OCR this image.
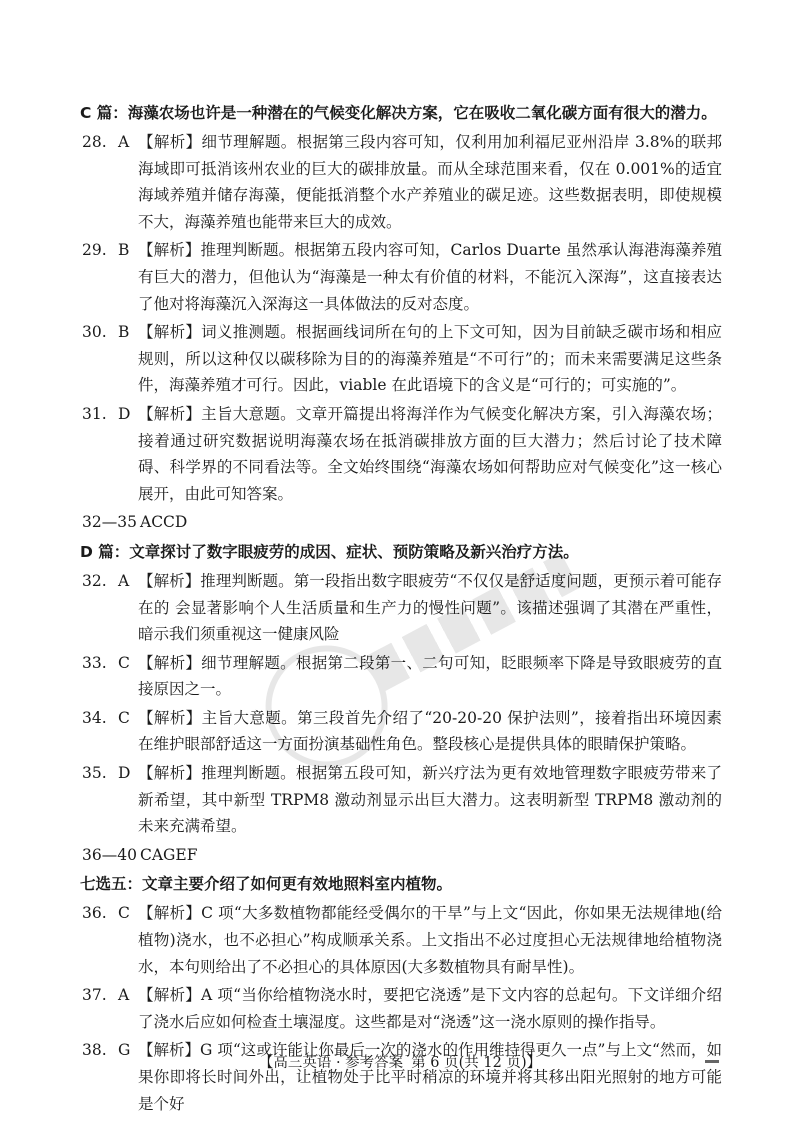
C 篇：海藻农场也许是一种潜在的气候变化解决方案，它在吸收二氧化碳方面有很大的潜力。
28. A 【解析】细节理解题。根据第三段内容可知，仅利用加利福尼亚州沿岸 3.8%的联邦海域即可抵消该州农业的巨大的碳排放量。而从全球范围来看，仅在 0.001%的适宜海域养殖并储存海藻，便能抵消整个水产养殖业的碳足迹。这些数据表明，即使规模不大，海藻养殖也能带来巨大的成效。
29. B 【解析】推理判断题。根据第五段内容可知，Carlos Duarte 虽然承认海港海藻养殖有巨大的潜力，但他认为“海藻是一种太有价值的材料，不能沉入深海”，这直接表达了他对将海藻沉入深海这一具体做法的反对态度。
30. B 【解析】词义推测题。根据画线词所在句的上下文可知，因为目前缺乏碳市场和相应规则，所以这种仅以碳移除为目的的海藻养殖是“不可行”的；而未来需要满足这些条件，海藻养殖才可行。因此，viable 在此语境下的含义是“可行的；可实施的”。
31. D 【解析】主旨大意题。文章开篇提出将海洋作为气候变化解决方案，引入海藻农场；接着通过研究数据说明海藻农场在抵消碳排放方面的巨大潜力；然后讨论了技术障碍、科学界的不同看法等。全文始终围绕“海藻农场如何帮助应对气候变化”这一核心展开，由此可知答案。
32—35 ACCD
D 篇：文章探讨了数字眼疲劳的成因、症状、预防策略及新兴治疗方法。
32. A 【解析】推理判断题。第一段指出数字眼疲劳“不仅仅是舒适度问题，更预示着可能存在的 会显著影响个人生活质量和生产力的慢性问题”。该描述强调了其潜在严重性，暗示我们须重视这一健康风险
33. C 【解析】细节理解题。根据第二段第一、二句可知，眨眼频率下降是导致眼疲劳的直接原因之一。
34. C 【解析】主旨大意题。第三段首先介绍了“20-20-20 保护法则”，接着指出环境因素在维护眼部舒适这一方面扮演基础性角色。整段核心是提供具体的眼睛保护策略。
35. D 【解析】推理判断题。根据第五段可知，新兴疗法为更有效地管理数字眼疲劳带来了新希望，其中新型 TRPM8 激动剂显示出巨大潜力。这表明新型 TRPM8 激动剂的未来充满希望。
36—40 CAGEF
七选五：文章主要介绍了如何更有效地照料室内植物。
36. C 【解析】C 项“大多数植物都能经受偶尔的干旱”与上文“因此，你如果无法规律地(给植物)浇水，也不必担心”构成顺承关系。上文指出不必过度担心无法规律地给植物浇水，本句则给出了不必担心的具体原因(大多数植物具有耐旱性)。
37. A 【解析】A 项“当你给植物浇水时，要把它浇透”是下文内容的总起句。下文详细介绍了浇水后应如何检查土壤湿度。这些都是对“浇透”这一浇水原则的操作指导。
38. G 【解析】G 项“这或许能让你最后一次的浇水的作用维持得更久一点”与上文“然而，如果你即将长时间外出，让植物处于比平时稍凉的环境并将其移出阳光照射的地方可能是个好
【高三英语 · 参考答案 第 6 页(共 12 页)】
